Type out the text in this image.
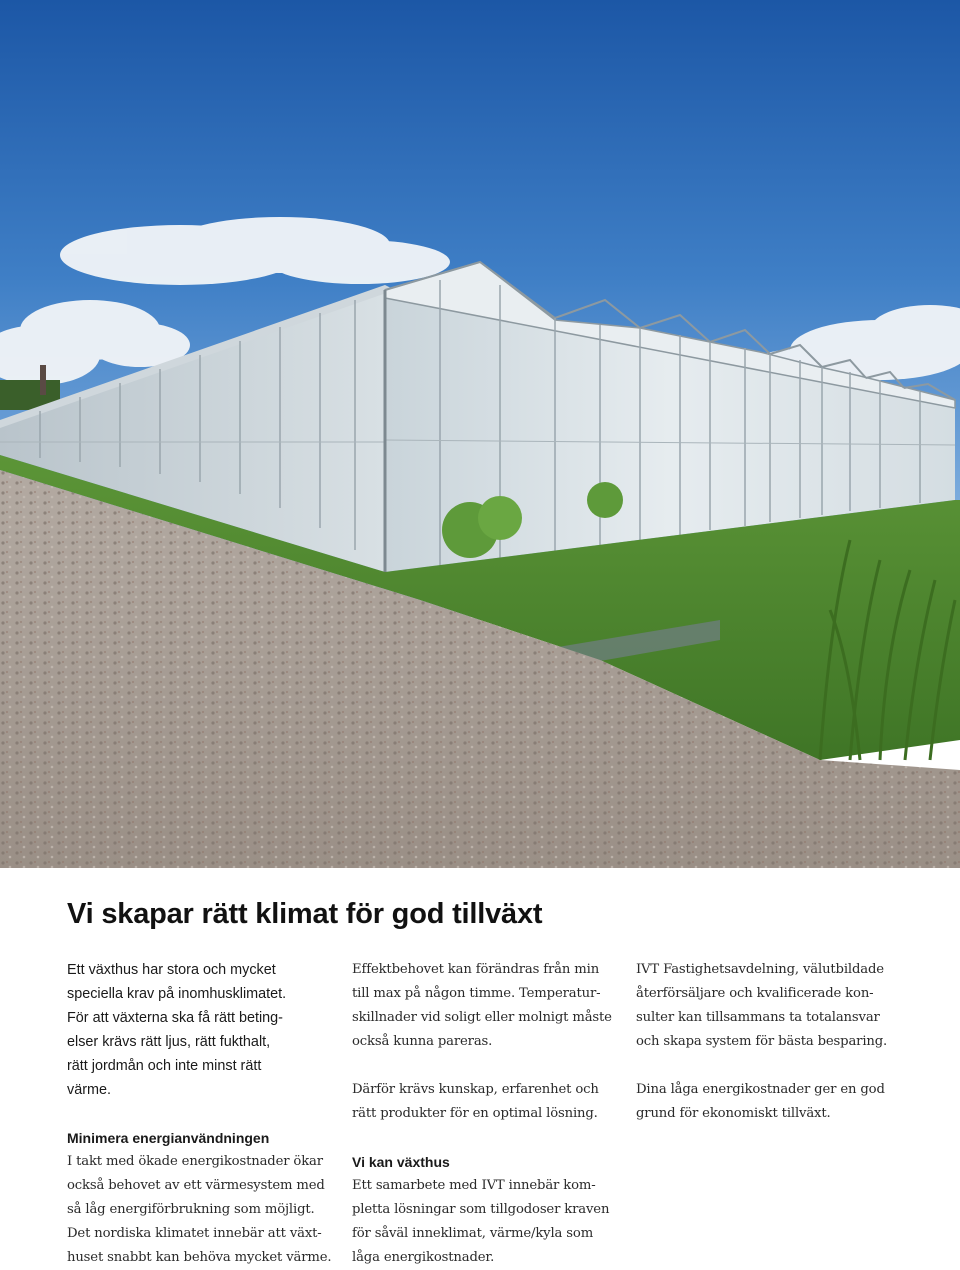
Vi skapar rätt klimat för god tillväxt

Ett växthus har stora och mycket
speciella krav på inomhusklimatet.
För att växterna ska få rätt beting-
elser krävs rätt ljus, rätt fukthalt,
rätt jordmån och inte minst rätt
värme.

Minimera energianvändningen

I takt med ökade energikostnader ökar
också behovet av ett värmesystem med
så låg energiförbrukning som möjligt.
Det nordiska klimatet innebär att växt-
huset snabbt kan behöva mycket värme.

Effektbehovet kan förändras från min
till max på någon timme. Temperatur-
skillnader vid soligt eller molnigt måste
också kunna pareras.

Därför krävs kunskap, erfarenhet och
rätt produkter för en optimal lösning.

Vi kan växthus

Ett samarbete med IVT innebär kom-
pletta lösningar som tillgodoser kraven
för såväl inneklimat, värme/kyla som
låga energikostnader.

IVT Fastighetsavdelning, välutbildade
återförsäljare och kvalificerade kon-
sulter kan tillsammans ta totalansvar
och skapa system för bästa besparing.

Dina låga energikostnader ger en god
grund för ekonomiskt tillväxt.
